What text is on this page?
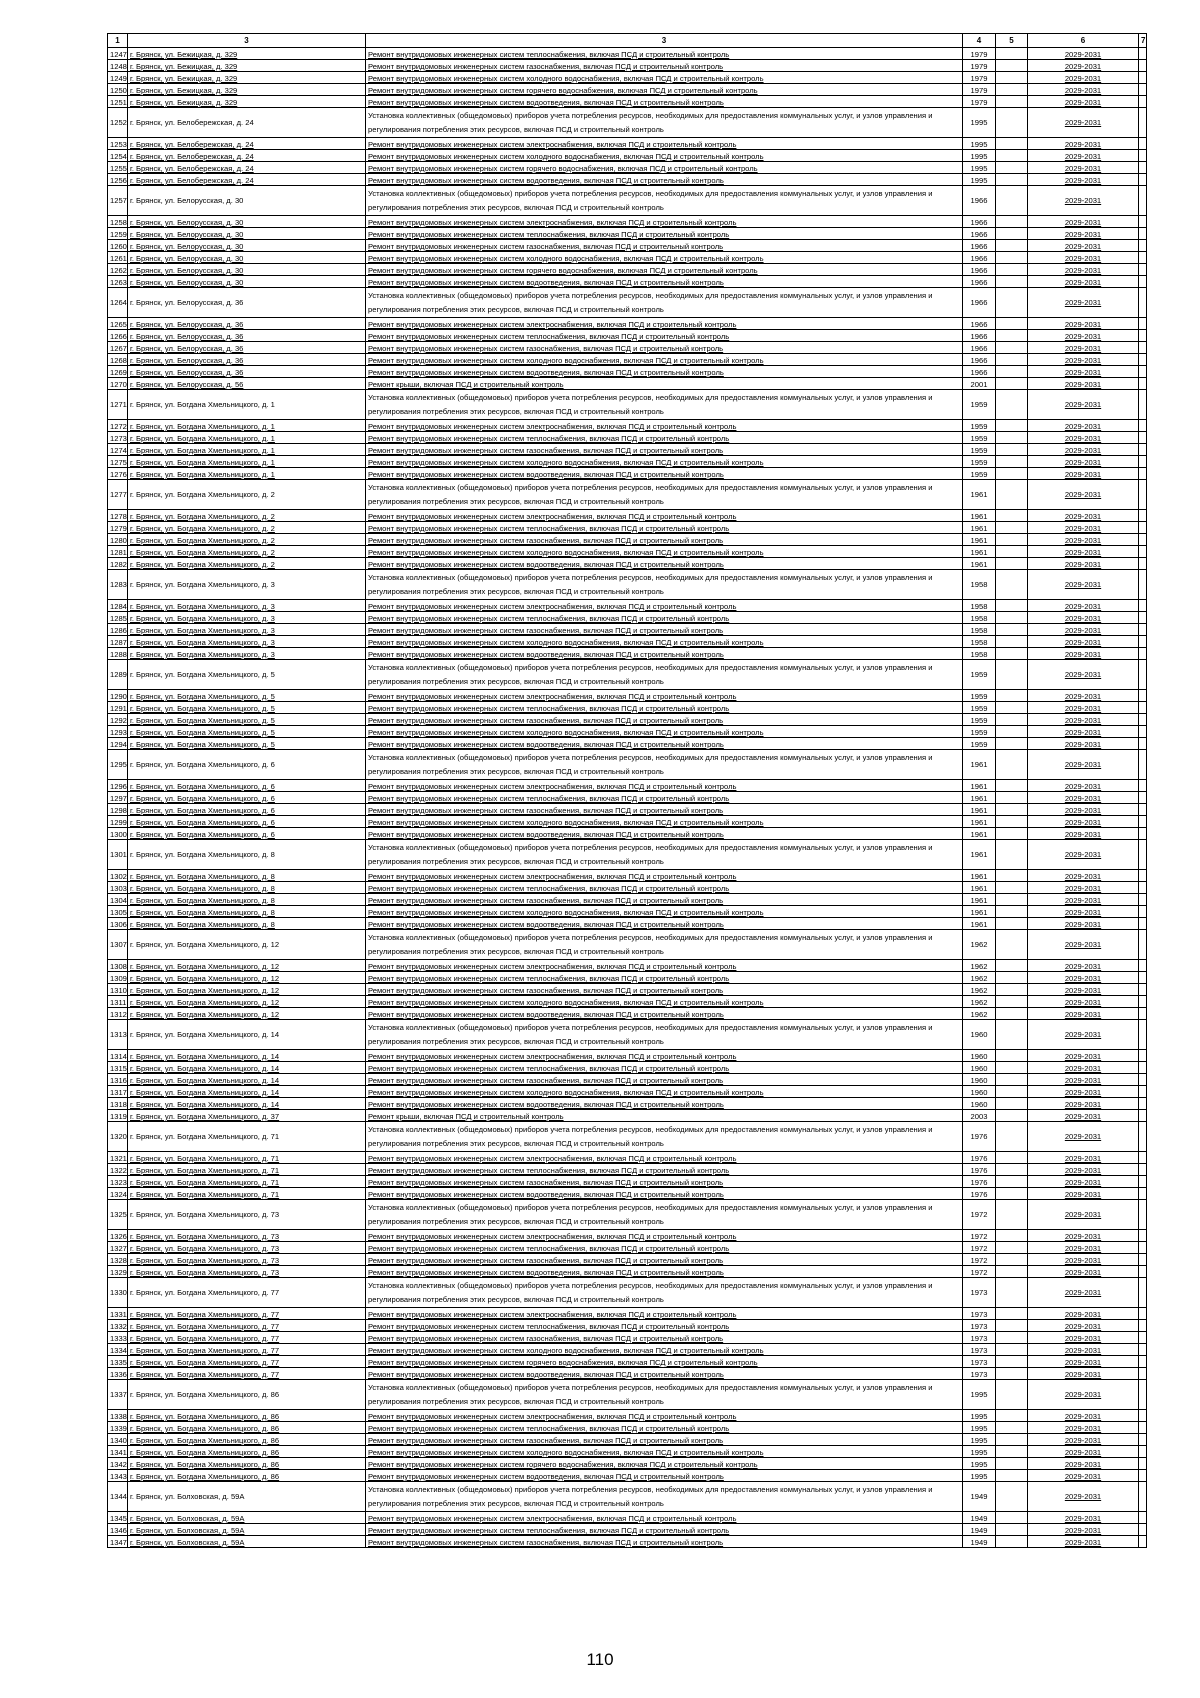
1	3	3	4	5	6	7
1247	г. Брянск, ул. Бежицкая, д. 329	Ремонт внутридомовых инженерных систем теплоснабжения, включая ПСД и строительный контроль	1979		2029-2031	
1248	г. Брянск, ул. Бежицкая, д. 329	Ремонт внутридомовых инженерных систем газоснабжения, включая ПСД и строительный контроль	1979		2029-2031	
1249	г. Брянск, ул. Бежицкая, д. 329	Ремонт внутридомовых инженерных систем холодного водоснабжения, включая ПСД и строительный контроль	1979		2029-2031	
1250	г. Брянск, ул. Бежицкая, д. 329	Ремонт внутридомовых инженерных систем горячего водоснабжения, включая ПСД и строительный контроль	1979		2029-2031	
1251	г. Брянск, ул. Бежицкая, д. 329	Ремонт внутридомовых инженерных систем водоотведения, включая ПСД и строительный контроль	1979		2029-2031	
1252	г. Брянск, ул. Белобережская, д. 24	Установка коллективных (общедомовых) приборов учета потребления ресурсов, необходимых для предоставления коммунальных услуг, и узлов управления и регулирования потребления этих ресурсов, включая ПСД и строительный контроль	1995		2029-2031	
1253	г. Брянск, ул. Белобережская, д. 24	Ремонт внутридомовых инженерных систем электроснабжения, включая ПСД и строительный контроль	1995		2029-2031	
1254	г. Брянск, ул. Белобережская, д. 24	Ремонт внутридомовых инженерных систем холодного водоснабжения, включая ПСД и строительный контроль	1995		2029-2031	
1255	г. Брянск, ул. Белобережская, д. 24	Ремонт внутридомовых инженерных систем горячего водоснабжения, включая ПСД и строительный контроль	1995		2029-2031	
1256	г. Брянск, ул. Белобережская, д. 24	Ремонт внутридомовых инженерных систем водоотведения, включая ПСД и строительный контроль	1995		2029-2031	
1257	г. Брянск, ул. Белорусская, д. 30	Установка коллективных (общедомовых) приборов учета потребления ресурсов, необходимых для предоставления коммунальных услуг, и узлов управления и регулирования потребления этих ресурсов, включая ПСД и строительный контроль	1966		2029-2031	
1258	г. Брянск, ул. Белорусская, д. 30	Ремонт внутридомовых инженерных систем электроснабжения, включая ПСД и строительный контроль	1966		2029-2031	
1259	г. Брянск, ул. Белорусская, д. 30	Ремонт внутридомовых инженерных систем теплоснабжения, включая ПСД и строительный контроль	1966		2029-2031	
1260	г. Брянск, ул. Белорусская, д. 30	Ремонт внутридомовых инженерных систем газоснабжения, включая ПСД и строительный контроль	1966		2029-2031	
1261	г. Брянск, ул. Белорусская, д. 30	Ремонт внутридомовых инженерных систем холодного водоснабжения, включая ПСД и строительный контроль	1966		2029-2031	
1262	г. Брянск, ул. Белорусская, д. 30	Ремонт внутридомовых инженерных систем горячего водоснабжения, включая ПСД и строительный контроль	1966		2029-2031	
1263	г. Брянск, ул. Белорусская, д. 30	Ремонт внутридомовых инженерных систем водоотведения, включая ПСД и строительный контроль	1966		2029-2031	
1264	г. Брянск, ул. Белорусская, д. 36	Установка коллективных (общедомовых) приборов учета потребления ресурсов, необходимых для предоставления коммунальных услуг, и узлов управления и регулирования потребления этих ресурсов, включая ПСД и строительный контроль	1966		2029-2031	
1265	г. Брянск, ул. Белорусская, д. 36	Ремонт внутридомовых инженерных систем электроснабжения, включая ПСД и строительный контроль	1966		2029-2031	
1266	г. Брянск, ул. Белорусская, д. 36	Ремонт внутридомовых инженерных систем теплоснабжения, включая ПСД и строительный контроль	1966		2029-2031	
1267	г. Брянск, ул. Белорусская, д. 36	Ремонт внутридомовых инженерных систем газоснабжения, включая ПСД и строительный контроль	1966		2029-2031	
1268	г. Брянск, ул. Белорусская, д. 36	Ремонт внутридомовых инженерных систем холодного водоснабжения, включая ПСД и строительный контроль	1966		2029-2031	
1269	г. Брянск, ул. Белорусская, д. 36	Ремонт внутридомовых инженерных систем водоотведения, включая ПСД и строительный контроль	1966		2029-2031	
1270	г. Брянск, ул. Белорусская, д. 56	Ремонт крыши, включая ПСД и строительный контроль	2001		2029-2031	
1271	г. Брянск, ул. Богдана Хмельницкого, д. 1	Установка коллективных (общедомовых) приборов учета потребления ресурсов, необходимых для предоставления коммунальных услуг, и узлов управления и регулирования потребления этих ресурсов, включая ПСД и строительный контроль	1959		2029-2031	
1272	г. Брянск, ул. Богдана Хмельницкого, д. 1	Ремонт внутридомовых инженерных систем электроснабжения, включая ПСД и строительный контроль	1959		2029-2031	
1273	г. Брянск, ул. Богдана Хмельницкого, д. 1	Ремонт внутридомовых инженерных систем теплоснабжения, включая ПСД и строительный контроль	1959		2029-2031	
1274	г. Брянск, ул. Богдана Хмельницкого, д. 1	Ремонт внутридомовых инженерных систем газоснабжения, включая ПСД и строительный контроль	1959		2029-2031	
1275	г. Брянск, ул. Богдана Хмельницкого, д. 1	Ремонт внутридомовых инженерных систем холодного водоснабжения, включая ПСД и строительный контроль	1959		2029-2031	
1276	г. Брянск, ул. Богдана Хмельницкого, д. 1	Ремонт внутридомовых инженерных систем водоотведения, включая ПСД и строительный контроль	1959		2029-2031	
1277	г. Брянск, ул. Богдана Хмельницкого, д. 2	Установка коллективных (общедомовых) приборов учета потребления ресурсов, необходимых для предоставления коммунальных услуг, и узлов управления и регулирования потребления этих ресурсов, включая ПСД и строительный контроль	1961		2029-2031	
1278	г. Брянск, ул. Богдана Хмельницкого, д. 2	Ремонт внутридомовых инженерных систем электроснабжения, включая ПСД и строительный контроль	1961		2029-2031	
1279	г. Брянск, ул. Богдана Хмельницкого, д. 2	Ремонт внутридомовых инженерных систем теплоснабжения, включая ПСД и строительный контроль	1961		2029-2031	
1280	г. Брянск, ул. Богдана Хмельницкого, д. 2	Ремонт внутридомовых инженерных систем газоснабжения, включая ПСД и строительный контроль	1961		2029-2031	
1281	г. Брянск, ул. Богдана Хмельницкого, д. 2	Ремонт внутридомовых инженерных систем холодного водоснабжения, включая ПСД и строительный контроль	1961		2029-2031	
1282	г. Брянск, ул. Богдана Хмельницкого, д. 2	Ремонт внутридомовых инженерных систем водоотведения, включая ПСД и строительный контроль	1961		2029-2031	
1283	г. Брянск, ул. Богдана Хмельницкого, д. 3	Установка коллективных (общедомовых) приборов учета потребления ресурсов, необходимых для предоставления коммунальных услуг, и узлов управления и регулирования потребления этих ресурсов, включая ПСД и строительный контроль	1958		2029-2031	
1284	г. Брянск, ул. Богдана Хмельницкого, д. 3	Ремонт внутридомовых инженерных систем электроснабжения, включая ПСД и строительный контроль	1958		2029-2031	
1285	г. Брянск, ул. Богдана Хмельницкого, д. 3	Ремонт внутридомовых инженерных систем теплоснабжения, включая ПСД и строительный контроль	1958		2029-2031	
1286	г. Брянск, ул. Богдана Хмельницкого, д. 3	Ремонт внутридомовых инженерных систем газоснабжения, включая ПСД и строительный контроль	1958		2029-2031	
1287	г. Брянск, ул. Богдана Хмельницкого, д. 3	Ремонт внутридомовых инженерных систем холодного водоснабжения, включая ПСД и строительный контроль	1958		2029-2031	
1288	г. Брянск, ул. Богдана Хмельницкого, д. 3	Ремонт внутридомовых инженерных систем водоотведения, включая ПСД и строительный контроль	1958		2029-2031	
1289	г. Брянск, ул. Богдана Хмельницкого, д. 5	Установка коллективных (общедомовых) приборов учета потребления ресурсов, необходимых для предоставления коммунальных услуг, и узлов управления и регулирования потребления этих ресурсов, включая ПСД и строительный контроль	1959		2029-2031	
1290	г. Брянск, ул. Богдана Хмельницкого, д. 5	Ремонт внутридомовых инженерных систем электроснабжения, включая ПСД и строительный контроль	1959		2029-2031	
1291	г. Брянск, ул. Богдана Хмельницкого, д. 5	Ремонт внутридомовых инженерных систем теплоснабжения, включая ПСД и строительный контроль	1959		2029-2031	
1292	г. Брянск, ул. Богдана Хмельницкого, д. 5	Ремонт внутридомовых инженерных систем газоснабжения, включая ПСД и строительный контроль	1959		2029-2031	
1293	г. Брянск, ул. Богдана Хмельницкого, д. 5	Ремонт внутридомовых инженерных систем холодного водоснабжения, включая ПСД и строительный контроль	1959		2029-2031	
1294	г. Брянск, ул. Богдана Хмельницкого, д. 5	Ремонт внутридомовых инженерных систем водоотведения, включая ПСД и строительный контроль	1959		2029-2031	
1295	г. Брянск, ул. Богдана Хмельницкого, д. 6	Установка коллективных (общедомовых) приборов учета потребления ресурсов, необходимых для предоставления коммунальных услуг, и узлов управления и регулирования потребления этих ресурсов, включая ПСД и строительный контроль	1961		2029-2031	
1296	г. Брянск, ул. Богдана Хмельницкого, д. 6	Ремонт внутридомовых инженерных систем электроснабжения, включая ПСД и строительный контроль	1961		2029-2031	
1297	г. Брянск, ул. Богдана Хмельницкого, д. 6	Ремонт внутридомовых инженерных систем теплоснабжения, включая ПСД и строительный контроль	1961		2029-2031	
1298	г. Брянск, ул. Богдана Хмельницкого, д. 6	Ремонт внутридомовых инженерных систем газоснабжения, включая ПСД и строительный контроль	1961		2029-2031	
1299	г. Брянск, ул. Богдана Хмельницкого, д. 6	Ремонт внутридомовых инженерных систем холодного водоснабжения, включая ПСД и строительный контроль	1961		2029-2031	
1300	г. Брянск, ул. Богдана Хмельницкого, д. 6	Ремонт внутридомовых инженерных систем водоотведения, включая ПСД и строительный контроль	1961		2029-2031	
1301	г. Брянск, ул. Богдана Хмельницкого, д. 8	Установка коллективных (общедомовых) приборов учета потребления ресурсов, необходимых для предоставления коммунальных услуг, и узлов управления и регулирования потребления этих ресурсов, включая ПСД и строительный контроль	1961		2029-2031	
1302	г. Брянск, ул. Богдана Хмельницкого, д. 8	Ремонт внутридомовых инженерных систем электроснабжения, включая ПСД и строительный контроль	1961		2029-2031	
1303	г. Брянск, ул. Богдана Хмельницкого, д. 8	Ремонт внутридомовых инженерных систем теплоснабжения, включая ПСД и строительный контроль	1961		2029-2031	
1304	г. Брянск, ул. Богдана Хмельницкого, д. 8	Ремонт внутридомовых инженерных систем газоснабжения, включая ПСД и строительный контроль	1961		2029-2031	
1305	г. Брянск, ул. Богдана Хмельницкого, д. 8	Ремонт внутридомовых инженерных систем холодного водоснабжения, включая ПСД и строительный контроль	1961		2029-2031	
1306	г. Брянск, ул. Богдана Хмельницкого, д. 8	Ремонт внутридомовых инженерных систем водоотведения, включая ПСД и строительный контроль	1961		2029-2031	
1307	г. Брянск, ул. Богдана Хмельницкого, д. 12	Установка коллективных (общедомовых) приборов учета потребления ресурсов, необходимых для предоставления коммунальных услуг, и узлов управления и регулирования потребления этих ресурсов, включая ПСД и строительный контроль	1962		2029-2031	
1308	г. Брянск, ул. Богдана Хмельницкого, д. 12	Ремонт внутридомовых инженерных систем электроснабжения, включая ПСД и строительный контроль	1962		2029-2031	
1309	г. Брянск, ул. Богдана Хмельницкого, д. 12	Ремонт внутридомовых инженерных систем теплоснабжения, включая ПСД и строительный контроль	1962		2029-2031	
1310	г. Брянск, ул. Богдана Хмельницкого, д. 12	Ремонт внутридомовых инженерных систем газоснабжения, включая ПСД и строительный контроль	1962		2029-2031	
1311	г. Брянск, ул. Богдана Хмельницкого, д. 12	Ремонт внутридомовых инженерных систем холодного водоснабжения, включая ПСД и строительный контроль	1962		2029-2031	
1312	г. Брянск, ул. Богдана Хмельницкого, д. 12	Ремонт внутридомовых инженерных систем водоотведения, включая ПСД и строительный контроль	1962		2029-2031	
1313	г. Брянск, ул. Богдана Хмельницкого, д. 14	Установка коллективных (общедомовых) приборов учета потребления ресурсов, необходимых для предоставления коммунальных услуг, и узлов управления и регулирования потребления этих ресурсов, включая ПСД и строительный контроль	1960		2029-2031	
1314	г. Брянск, ул. Богдана Хмельницкого, д. 14	Ремонт внутридомовых инженерных систем электроснабжения, включая ПСД и строительный контроль	1960		2029-2031	
1315	г. Брянск, ул. Богдана Хмельницкого, д. 14	Ремонт внутридомовых инженерных систем теплоснабжения, включая ПСД и строительный контроль	1960		2029-2031	
1316	г. Брянск, ул. Богдана Хмельницкого, д. 14	Ремонт внутридомовых инженерных систем газоснабжения, включая ПСД и строительный контроль	1960		2029-2031	
1317	г. Брянск, ул. Богдана Хмельницкого, д. 14	Ремонт внутридомовых инженерных систем холодного водоснабжения, включая ПСД и строительный контроль	1960		2029-2031	
1318	г. Брянск, ул. Богдана Хмельницкого, д. 14	Ремонт внутридомовых инженерных систем водоотведения, включая ПСД и строительный контроль	1960		2029-2031	
1319	г. Брянск, ул. Богдана Хмельницкого, д. 37	Ремонт крыши, включая ПСД и строительный контроль	2003		2029-2031	
1320	г. Брянск, ул. Богдана Хмельницкого, д. 71	Установка коллективных (общедомовых) приборов учета потребления ресурсов, необходимых для предоставления коммунальных услуг, и узлов управления и регулирования потребления этих ресурсов, включая ПСД и строительный контроль	1976		2029-2031	
1321	г. Брянск, ул. Богдана Хмельницкого, д. 71	Ремонт внутридомовых инженерных систем электроснабжения, включая ПСД и строительный контроль	1976		2029-2031	
1322	г. Брянск, ул. Богдана Хмельницкого, д. 71	Ремонт внутридомовых инженерных систем теплоснабжения, включая ПСД и строительный контроль	1976		2029-2031	
1323	г. Брянск, ул. Богдана Хмельницкого, д. 71	Ремонт внутридомовых инженерных систем газоснабжения, включая ПСД и строительный контроль	1976		2029-2031	
1324	г. Брянск, ул. Богдана Хмельницкого, д. 71	Ремонт внутридомовых инженерных систем водоотведения, включая ПСД и строительный контроль	1976		2029-2031	
1325	г. Брянск, ул. Богдана Хмельницкого, д. 73	Установка коллективных (общедомовых) приборов учета потребления ресурсов, необходимых для предоставления коммунальных услуг, и узлов управления и регулирования потребления этих ресурсов, включая ПСД и строительный контроль	1972		2029-2031	
1326	г. Брянск, ул. Богдана Хмельницкого, д. 73	Ремонт внутридомовых инженерных систем электроснабжения, включая ПСД и строительный контроль	1972		2029-2031	
1327	г. Брянск, ул. Богдана Хмельницкого, д. 73	Ремонт внутридомовых инженерных систем теплоснабжения, включая ПСД и строительный контроль	1972		2029-2031	
1328	г. Брянск, ул. Богдана Хмельницкого, д. 73	Ремонт внутридомовых инженерных систем газоснабжения, включая ПСД и строительный контроль	1972		2029-2031	
1329	г. Брянск, ул. Богдана Хмельницкого, д. 73	Ремонт внутридомовых инженерных систем водоотведения, включая ПСД и строительный контроль	1972		2029-2031	
1330	г. Брянск, ул. Богдана Хмельницкого, д. 77	Установка коллективных (общедомовых) приборов учета потребления ресурсов, необходимых для предоставления коммунальных услуг, и узлов управления и регулирования потребления этих ресурсов, включая ПСД и строительный контроль	1973		2029-2031	
1331	г. Брянск, ул. Богдана Хмельницкого, д. 77	Ремонт внутридомовых инженерных систем электроснабжения, включая ПСД и строительный контроль	1973		2029-2031	
1332	г. Брянск, ул. Богдана Хмельницкого, д. 77	Ремонт внутридомовых инженерных систем теплоснабжения, включая ПСД и строительный контроль	1973		2029-2031	
1333	г. Брянск, ул. Богдана Хмельницкого, д. 77	Ремонт внутридомовых инженерных систем газоснабжения, включая ПСД и строительный контроль	1973		2029-2031	
1334	г. Брянск, ул. Богдана Хмельницкого, д. 77	Ремонт внутридомовых инженерных систем холодного водоснабжения, включая ПСД и строительный контроль	1973		2029-2031	
1335	г. Брянск, ул. Богдана Хмельницкого, д. 77	Ремонт внутридомовых инженерных систем горячего водоснабжения, включая ПСД и строительный контроль	1973		2029-2031	
1336	г. Брянск, ул. Богдана Хмельницкого, д. 77	Ремонт внутридомовых инженерных систем водоотведения, включая ПСД и строительный контроль	1973		2029-2031	
1337	г. Брянск, ул. Богдана Хмельницкого, д. 86	Установка коллективных (общедомовых) приборов учета потребления ресурсов, необходимых для предоставления коммунальных услуг, и узлов управления и регулирования потребления этих ресурсов, включая ПСД и строительный контроль	1995		2029-2031	
1338	г. Брянск, ул. Богдана Хмельницкого, д. 86	Ремонт внутридомовых инженерных систем электроснабжения, включая ПСД и строительный контроль	1995		2029-2031	
1339	г. Брянск, ул. Богдана Хмельницкого, д. 86	Ремонт внутридомовых инженерных систем теплоснабжения, включая ПСД и строительный контроль	1995		2029-2031	
1340	г. Брянск, ул. Богдана Хмельницкого, д. 86	Ремонт внутридомовых инженерных систем газоснабжения, включая ПСД и строительный контроль	1995		2029-2031	
1341	г. Брянск, ул. Богдана Хмельницкого, д. 86	Ремонт внутридомовых инженерных систем холодного водоснабжения, включая ПСД и строительный контроль	1995		2029-2031	
1342	г. Брянск, ул. Богдана Хмельницкого, д. 86	Ремонт внутридомовых инженерных систем горячего водоснабжения, включая ПСД и строительный контроль	1995		2029-2031	
1343	г. Брянск, ул. Богдана Хмельницкого, д. 86	Ремонт внутридомовых инженерных систем водоотведения, включая ПСД и строительный контроль	1995		2029-2031	
1344	г. Брянск, ул. Болховская, д. 59А	Установка коллективных (общедомовых) приборов учета потребления ресурсов, необходимых для предоставления коммунальных услуг, и узлов управления и регулирования потребления этих ресурсов, включая ПСД и строительный контроль	1949		2029-2031	
1345	г. Брянск, ул. Болховская, д. 59А	Ремонт внутридомовых инженерных систем электроснабжения, включая ПСД и строительный контроль	1949		2029-2031	
1346	г. Брянск, ул. Болховская, д. 59А	Ремонт внутридомовых инженерных систем теплоснабжения, включая ПСД и строительный контроль	1949		2029-2031	
1347	г. Брянск, ул. Болховская, д. 59А	Ремонт внутридомовых инженерных систем газоснабжения, включая ПСД и строительный контроль	1949		2029-2031	
110
